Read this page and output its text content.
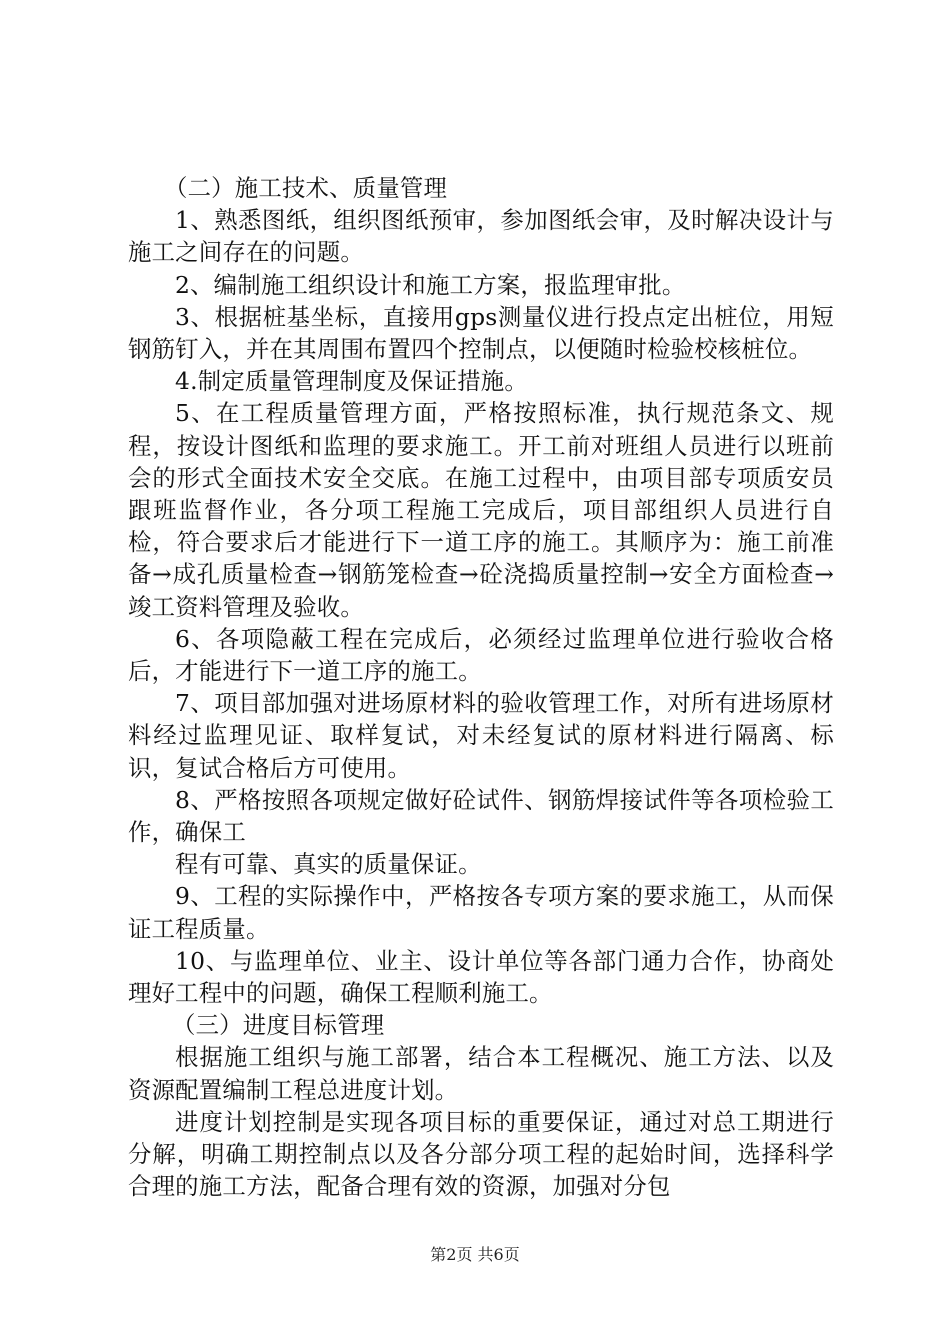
（二）施工技术、质量管理

1、熟悉图纸，组织图纸预审，参加图纸会审，及时解决设计与施工之间存在的问题。

2、编制施工组织设计和施工方案，报监理审批。

3、根据桩基坐标，直接用gps测量仪进行投点定出桩位，用短钢筋钉入，并在其周围布置四个控制点，以便随时检验校核桩位。

4.制定质量管理制度及保证措施。

5、在工程质量管理方面，严格按照标准，执行规范条文、规程，按设计图纸和监理的要求施工。开工前对班组人员进行以班前会的形式全面技术安全交底。在施工过程中，由项目部专项质安员跟班监督作业，各分项工程施工完成后，项目部组织人员进行自检，符合要求后才能进行下一道工序的施工。其顺序为：施工前准备→成孔质量检查→钢筋笼检查→砼浇捣质量控制→安全方面检查→竣工资料管理及验收。

6、各项隐蔽工程在完成后，必须经过监理单位进行验收合格后，才能进行下一道工序的施工。

7、项目部加强对进场原材料的验收管理工作，对所有进场原材料经过监理见证、取样复试，对未经复试的原材料进行隔离、标识，复试合格后方可使用。

8、严格按照各项规定做好砼试件、钢筋焊接试件等各项检验工作，确保工

程有可靠、真实的质量保证。

9、工程的实际操作中，严格按各专项方案的要求施工，从而保证工程质量。

10、与监理单位、业主、设计单位等各部门通力合作，协商处理好工程中的问题，确保工程顺利施工。

（三）进度目标管理

根据施工组织与施工部署，结合本工程概况、施工方法、以及资源配置编制工程总进度计划。

进度计划控制是实现各项目标的重要保证，通过对总工期进行分解，明确工期控制点以及各分部分项工程的起始时间，选择科学合理的施工方法，配备合理有效的资源，加强对分包

第2页 共6页
